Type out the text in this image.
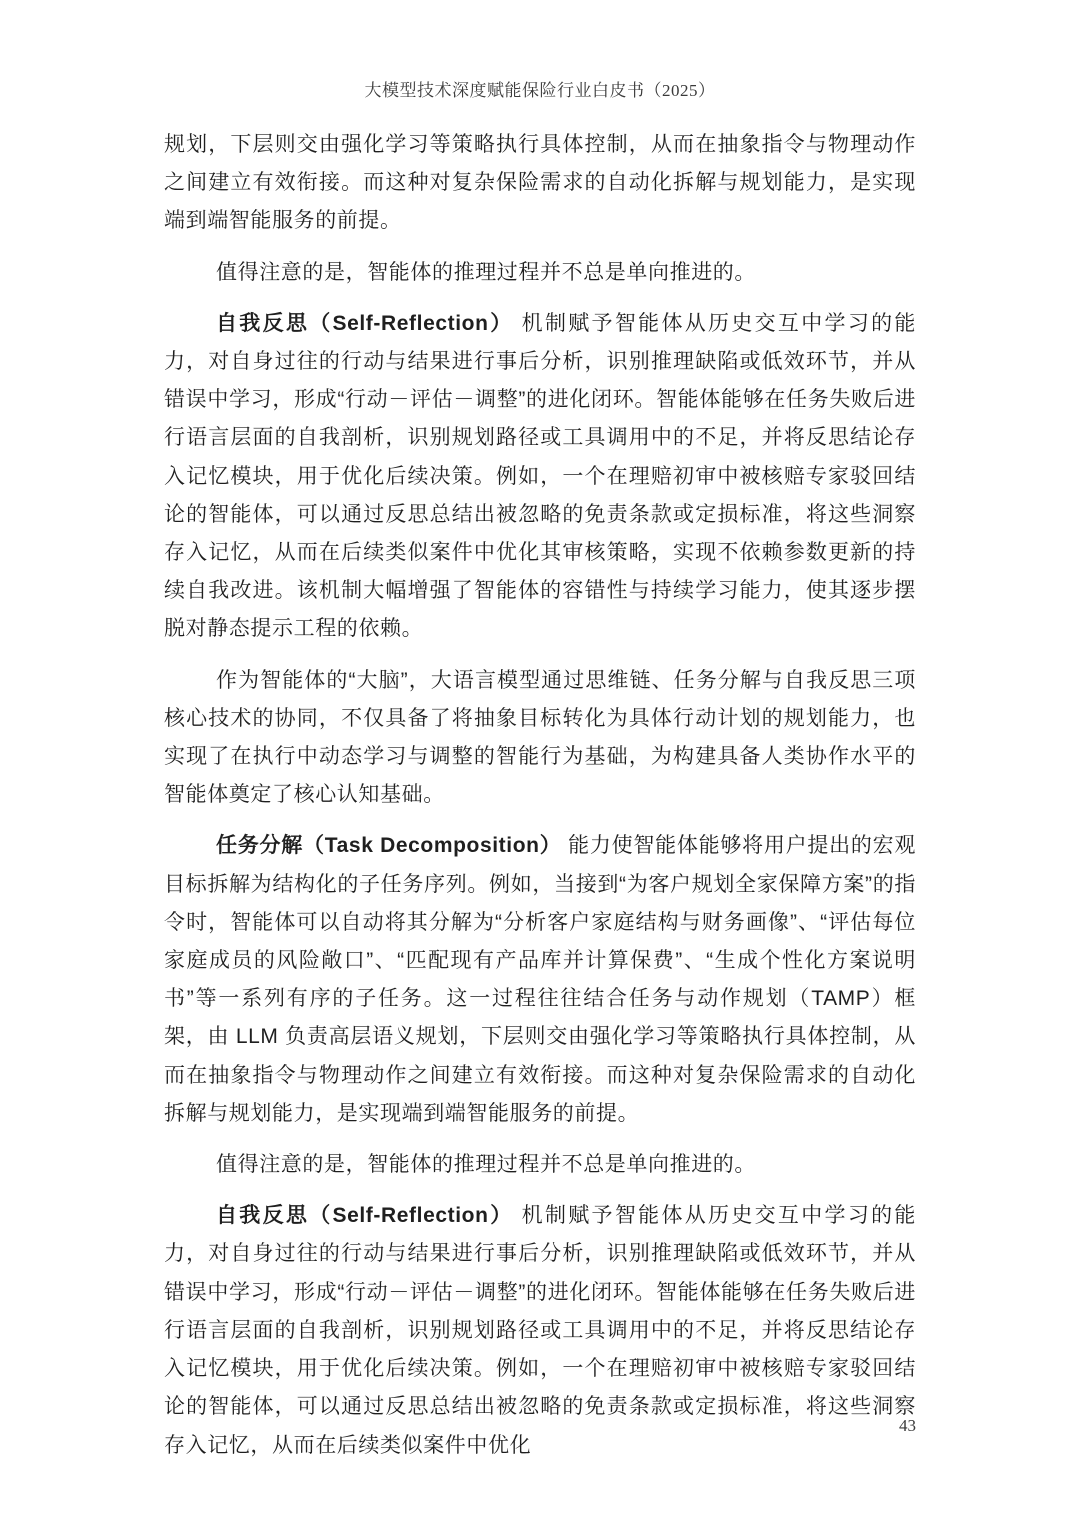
大模型技术深度赋能保险行业白皮书（2025）

规划，下层则交由强化学习等策略执行具体控制，从而在抽象指令与物理动作之间建立有效衔接。而这种对复杂保险需求的自动化拆解与规划能力，是实现端到端智能服务的前提。

值得注意的是，智能体的推理过程并不总是单向推进的。

自我反思（Self-Reflection） 机制赋予智能体从历史交互中学习的能力，对自身过往的行动与结果进行事后分析，识别推理缺陷或低效环节，并从错误中学习，形成“行动－评估－调整”的进化闭环。智能体能够在任务失败后进行语言层面的自我剖析，识别规划路径或工具调用中的不足，并将反思结论存入记忆模块，用于优化后续决策。例如，一个在理赔初审中被核赔专家驳回结论的智能体，可以通过反思总结出被忽略的免责条款或定损标准，将这些洞察存入记忆，从而在后续类似案件中优化其审核策略，实现不依赖参数更新的持续自我改进。该机制大幅增强了智能体的容错性与持续学习能力，使其逐步摆脱对静态提示工程的依赖。

作为智能体的“大脑”，大语言模型通过思维链、任务分解与自我反思三项核心技术的协同，不仅具备了将抽象目标转化为具体行动计划的规划能力，也实现了在执行中动态学习与调整的智能行为基础，为构建具备人类协作水平的智能体奠定了核心认知基础。

任务分解（Task Decomposition） 能力使智能体能够将用户提出的宏观目标拆解为结构化的子任务序列。例如，当接到“为客户规划全家保障方案”的指令时，智能体可以自动将其分解为“分析客户家庭结构与财务画像”、“评估每位家庭成员的风险敞口”、“匹配现有产品库并计算保费”、“生成个性化方案说明书”等一系列有序的子任务。这一过程往往结合任务与动作规划（TAMP）框架，由 LLM 负责高层语义规划，下层则交由强化学习等策略执行具体控制，从而在抽象指令与物理动作之间建立有效衔接。而这种对复杂保险需求的自动化拆解与规划能力，是实现端到端智能服务的前提。

值得注意的是，智能体的推理过程并不总是单向推进的。

自我反思（Self-Reflection） 机制赋予智能体从历史交互中学习的能力，对自身过往的行动与结果进行事后分析，识别推理缺陷或低效环节，并从错误中学习，形成“行动－评估－调整”的进化闭环。智能体能够在任务失败后进行语言层面的自我剖析，识别规划路径或工具调用中的不足，并将反思结论存入记忆模块，用于优化后续决策。例如，一个在理赔初审中被核赔专家驳回结论的智能体，可以通过反思总结出被忽略的免责条款或定损标准，将这些洞察存入记忆，从而在后续类似案件中优化

43
